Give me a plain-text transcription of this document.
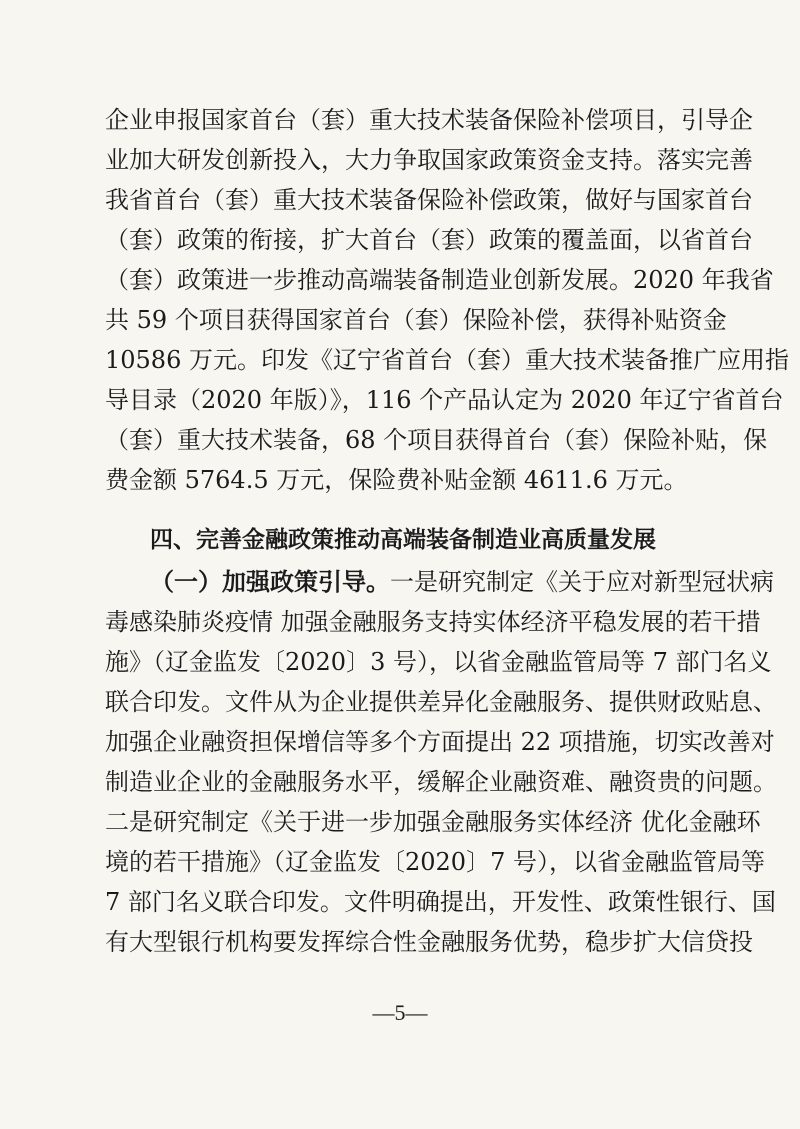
企业申报国家首台（套）重大技术装备保险补偿项目，引导企
业加大研发创新投入，大力争取国家政策资金支持。落实完善
我省首台（套）重大技术装备保险补偿政策，做好与国家首台
（套）政策的衔接，扩大首台（套）政策的覆盖面，以省首台
（套）政策进一步推动高端装备制造业创新发展。2020 年我省
共 59 个项目获得国家首台（套）保险补偿，获得补贴资金
10586 万元。印发《辽宁省首台（套）重大技术装备推广应用指
导目录（2020 年版）》，116 个产品认定为 2020 年辽宁省首台
（套）重大技术装备，68 个项目获得首台（套）保险补贴，保
费金额 5764.5 万元，保险费补贴金额 4611.6 万元。
四、完善金融政策推动高端装备制造业高质量发展
（一）加强政策引导。一是研究制定《关于应对新型冠状病
毒感染肺炎疫情 加强金融服务支持实体经济平稳发展的若干措
施》（辽金监发〔2020〕3 号），以省金融监管局等 7 部门名义
联合印发。文件从为企业提供差异化金融服务、提供财政贴息、
加强企业融资担保增信等多个方面提出 22 项措施，切实改善对
制造业企业的金融服务水平，缓解企业融资难、融资贵的问题。
二是研究制定《关于进一步加强金融服务实体经济 优化金融环
境的若干措施》（辽金监发〔2020〕7 号），以省金融监管局等
7 部门名义联合印发。文件明确提出，开发性、政策性银行、国
有大型银行机构要发挥综合性金融服务优势，稳步扩大信贷投
—5—
